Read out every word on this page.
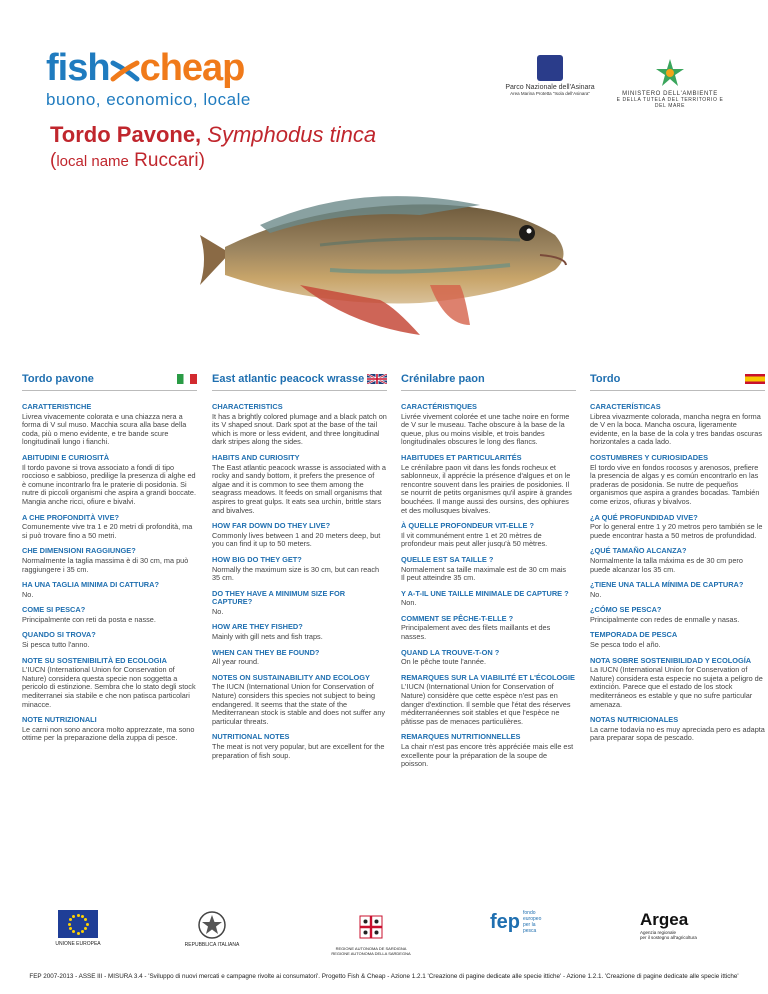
fish cheap
buono, economico, locale
Parco Nazionale dell'Asinara
Area Marina Protetta "Isola dell'Asinara"	MINISTERO DELL'AMBIENTE
E DELLA TUTELA DEL TERRITORIO E DEL MARE
Tordo Pavone, Symphodus tinca
(local name Ruccari)
Tordo pavone
CARATTERISTICHE
Livrea vivacemente colorata e una chiazza nera a forma di V sul muso. Macchia scura alla base della coda, più o meno evidente, e tre bande scure longitudinali lungo i fianchi.
ABITUDINI E CURIOSITÀ
Il tordo pavone si trova associato a fondi di tipo roccioso e sabbioso, predilige la presenza di alghe ed è comune incontrarlo fra le praterie di posidonia. Si nutre di piccoli organismi che aspira a grandi boccate. Mangia anche ricci, ofiure e bivalvi.
A CHE PROFONDITÀ VIVE?
Comunemente vive tra 1 e 20 metri di profondità, ma si può trovare fino a 50 metri.
CHE DIMENSIONI RAGGIUNGE?
Normalmente la taglia massima è di 30 cm, ma può raggiungere i 35 cm.
HA UNA TAGLIA MINIMA DI CATTURA?
No.
COME SI PESCA?
Principalmente con reti da posta e nasse.
QUANDO SI TROVA?
Si pesca tutto l'anno.
NOTE SU SOSTENIBILITÀ ED ECOLOGIA
L'IUCN (International Union for Conservation of Nature) considera questa specie non soggetta a pericolo di estinzione. Sembra che lo stato degli stock mediterranei sia stabile e che non patisca particolari minacce.
NOTE NUTRIZIONALI
Le carni non sono ancora molto apprezzate, ma sono ottime per la preparazione della zuppa di pesce.
East atlantic peacock wrasse
CHARACTERISTICS
It has a brightly colored plumage and a black patch on its V shaped snout. Dark spot at the base of the tail which is more or less evident, and three longitudinal dark stripes along the sides.
HABITS AND CURIOSITY
The East atlantic peacock wrasse is associated with a rocky and sandy bottom, it prefers the presence of algae and it is common to see them among the seagrass meadows. It feeds on small organisms that aspires to great gulps. It eats sea urchin, brittle stars and bivalves.
HOW FAR DOWN DO THEY LIVE?
Commonly lives between 1 and 20 meters deep, but you can find it up to 50 meters.
HOW BIG DO THEY GET?
Normally the maximum size is 30 cm, but can reach 35 cm.
DO THEY HAVE A MINIMUM SIZE FOR CAPTURE?
No.
HOW ARE THEY FISHED?
Mainly with gill nets and fish traps.
WHEN CAN THEY BE FOUND?
All year round.
NOTES ON SUSTAINABILITY AND ECOLOGY
The IUCN (International Union for Conservation of Nature) considers this species not subject to being endangered. It seems that the state of the Mediterranean stock is stable and does not suffer any particular threats.
NUTRITIONAL NOTES
The meat is not very popular, but are excellent for the preparation of fish soup.
Crénilabre paon
CARACTÉRISTIQUES
Livrée vivement colorée et une tache noire en forme de V sur le museau. Tache obscure à la base de la queue, plus ou moins visible, et trois bandes longitudinales obscures le long des flancs.
HABITUDES ET PARTICULARITÉS
Le crénilabre paon vit dans les fonds rocheux et sablonneux, il apprécie la présence d'algues et on le rencontre souvent dans les prairies de posidonies. Il se nourrit de petits organismes qu'il aspire à grandes bouchées. Il mange aussi des oursins, des ophiures et des mollusques bivalves.
À QUELLE PROFONDEUR VIT-ELLE ?
Il vit communément entre 1 et 20 mètres de profondeur mais peut aller jusqu'à 50 mètres.
QUELLE EST SA TAILLE ?
Normalement sa taille maximale est de 30 cm mais
Il peut atteindre 35 cm.
Y A-T-IL UNE TAILLE MINIMALE DE CAPTURE ?
Non.
COMMENT SE PÊCHE-T-ELLE ?
Principalement avec des filets maillants et des nasses.
QUAND LA TROUVE-T-ON ?
On le pêche toute l'année.
REMARQUES SUR LA VIABILITÉ ET L'ÉCOLOGIE
L'IUCN (International Union for Conservation of Nature) considère que cette espèce n'est pas en danger d'extinction. Il semble que l'état des réserves méditerranéennes soit stables et que l'espèce ne pâtisse pas de menaces particulières.
REMARQUES NUTRITIONNELLES
La chair n'est pas encore très appréciée mais elle est excellente pour la préparation de la soupe de poisson.
Tordo
CARACTERÍSTICAS
Librea vivazmente colorada, mancha negra en forma de V en la boca. Mancha oscura, ligeramente evidente, en la base de la cola y tres bandas oscuras horizontales a cada lado.
COSTUMBRES Y CURIOSIDADES
El tordo vive en fondos rocosos y arenosos, prefiere la presencia de algas y es común encontrarlo en las praderas de posidonia. Se nutre de pequeños organismos que aspira a grandes bocadas. También come erizos, ofiuras y bivalvos.
¿A QUÉ PROFUNDIDAD VIVE?
Por lo general entre 1 y 20 metros pero también se le puede encontrar hasta a 50 metros de profundidad.
¿QUÉ TAMAÑO ALCANZA?
Normalmente la talla máxima es de 30 cm pero puede alcanzar los 35 cm.
¿TIENE UNA TALLA MÍNIMA DE CAPTURA?
No.
¿CÓMO SE PESCA?
Principalmente con redes de enmalle y nasas.
TEMPORADA DE PESCA
Se pesca todo el año.
NOTA SOBRE SOSTENIBILIDAD Y ECOLOGÍA
La IUCN (International Union for Conservation of Nature) considera esta especie no sujeta a peligro de extinción. Parece que el estado de los stock mediterráneos es estable y que no sufre particular amenaza.
NOTAS NUTRICIONALES
La carne todavía no es muy apreciada pero es adapta para preparar sopa de pescado.
UNIONE EUROPEA	REPUBBLICA ITALIANA

REGIONE AUTONOMA DE SARDIGNA
REGIONE AUTONOMA DELLA SARDEGNA

fep fondo europeo
per la pesca
Argea
Agenzia regionale
per il sostegno all'agricoltura
FEP 2007-2013 - ASSE III - MISURA 3.4 - 'Sviluppo di nuovi mercati e campagne rivolte ai consumatori'. Progetto Fish & Cheap - Azione 1.2.1 'Creazione di pagine dedicate alle specie ittiche' - Azione 1.2.1. 'Creazione di pagine dedicate alle specie ittiche'
